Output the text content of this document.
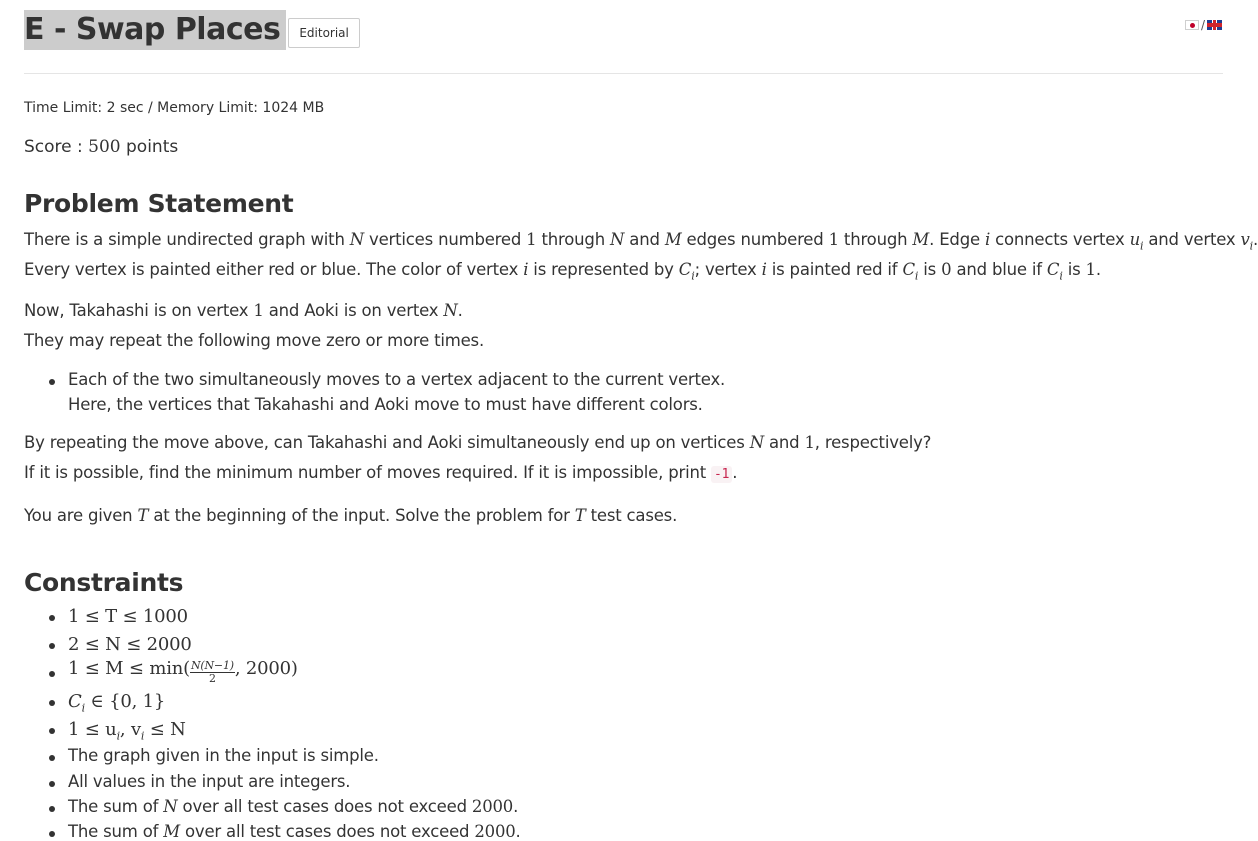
E - Swap Places	Editorial
/
Time Limit: 2 sec / Memory Limit: 1024 MB
Score : 500 points
Problem Statement
There is a simple undirected graph with N vertices numbered 1 through N and M edges numbered 1 through M. Edge i connects vertex $u_i$ and vertex $v_i$.
Every vertex is painted either red or blue. The color of vertex i is represented by $C_i$; vertex i is painted red if $C_i$ is 0 and blue if $C_i$ is 1.
Now, Takahashi is on vertex 1 and Aoki is on vertex N.
They may repeat the following move zero or more times.
Each of the two simultaneously moves to a vertex adjacent to the current vertex.
Here, the vertices that Takahashi and Aoki move to must have different colors.
By repeating the move above, can Takahashi and Aoki simultaneously end up on vertices N and 1, respectively?
If it is possible, find the minimum number of moves required. If it is impossible, print -1 .
You are given T at the beginning of the input. Solve the problem for T test cases.
Constraints
1 ≤ T ≤ 1000
2 ≤ N ≤ 2000
$1 \le M \le \min( \frac{N(N-1)}{2}$ , 2000)
$C_i$ ∈ {0, 1}
$1 \le u_i$, $v_i \le N$
The graph given in the input is simple.
All values in the input are integers.
The sum of N over all test cases does not exceed 2000.
The sum of M over all test cases does not exceed 2000.
